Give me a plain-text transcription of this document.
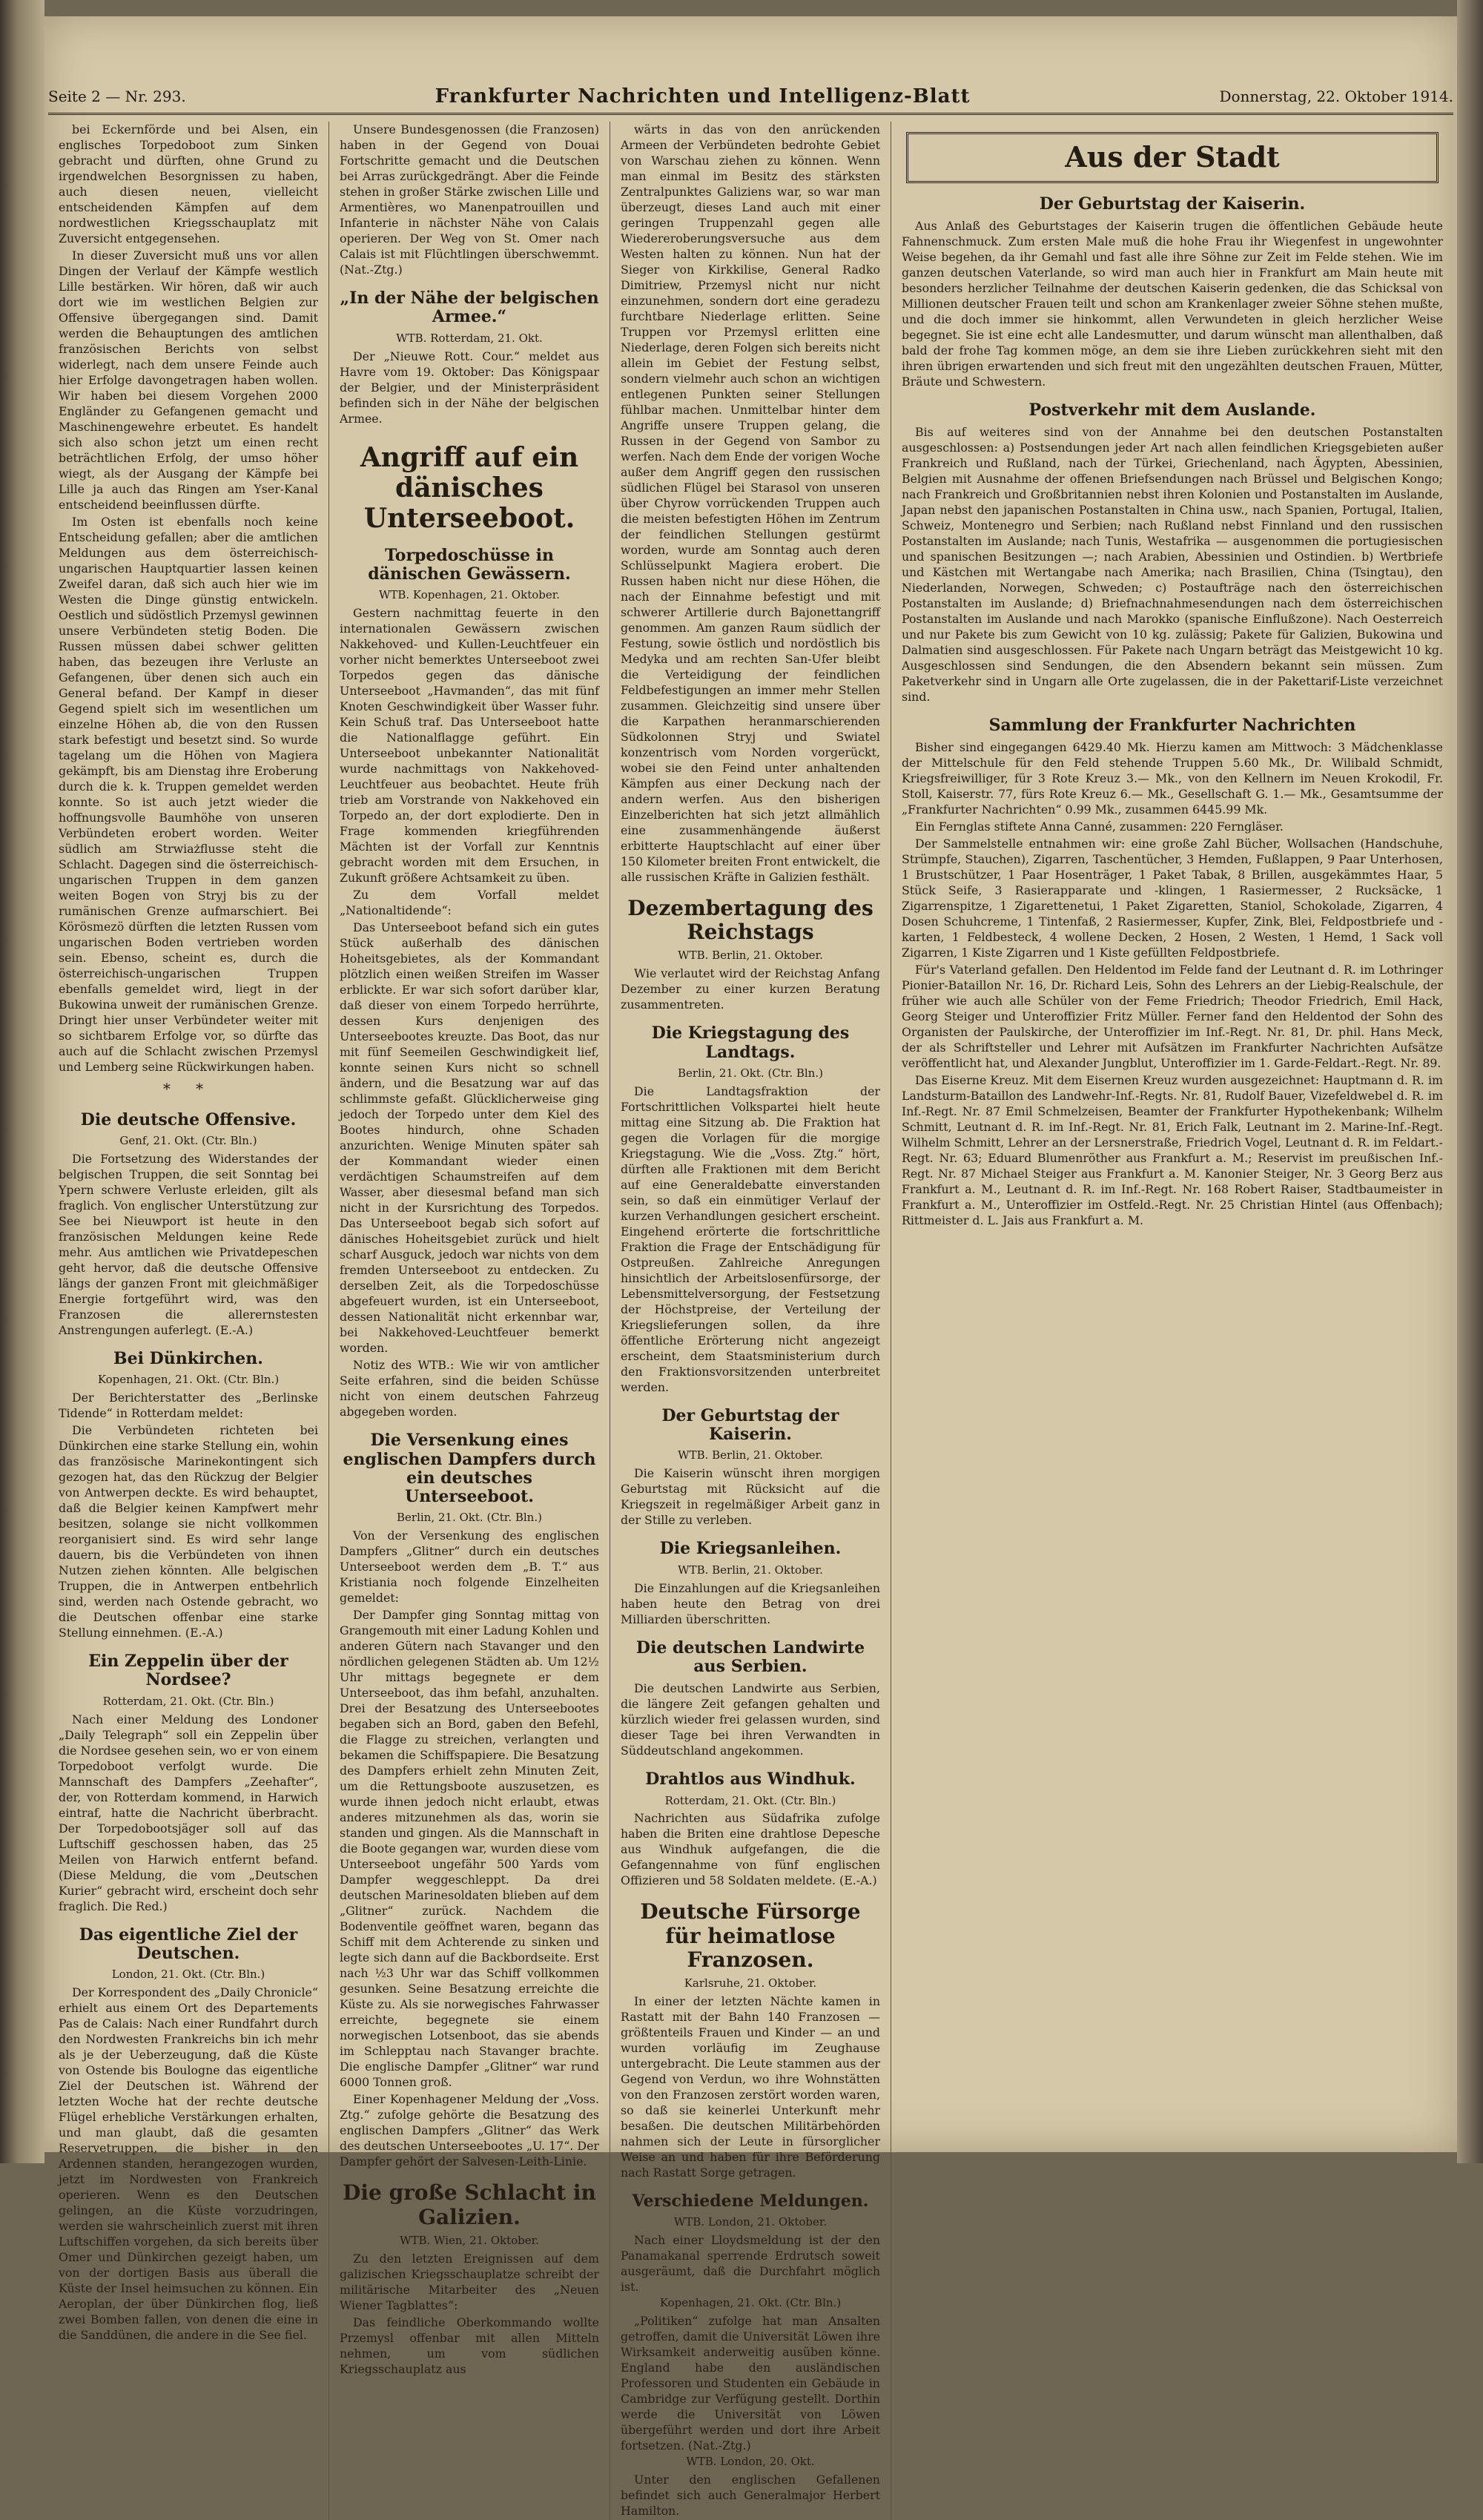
Seite 2 — Nr. 293.	Frankfurter Nachrichten und Intelligenz-Blatt	Donnerstag, 22. Oktober 1914.

bei Eckernförde und bei Alsen, ein englisches Torpedoboot zum Sinken gebracht und dürften, ohne Grund zu irgendwelchen Besorgnissen zu haben, auch diesen neuen, vielleicht entscheidenden Kämpfen auf dem nordwestlichen Kriegsschauplatz mit Zuversicht entgegensehen.

In dieser Zuversicht muß uns vor allen Dingen der Verlauf der Kämpfe westlich Lille bestärken. Wir hören, daß wir auch dort wie im westlichen Belgien zur Offensive übergegangen sind. Damit werden die Behauptungen des amtlichen französischen Berichts von selbst widerlegt, nach dem unsere Feinde auch hier Erfolge davongetragen haben wollen. Wir haben bei diesem Vorgehen 2000 Engländer zu Gefangenen gemacht und Maschinengewehre erbeutet. Es handelt sich also schon jetzt um einen recht beträchtlichen Erfolg, der umso höher wiegt, als der Ausgang der Kämpfe bei Lille ja auch das Ringen am Yser-Kanal entscheidend beeinflussen dürfte.

Im Osten ist ebenfalls noch keine Entscheidung gefallen; aber die amtlichen Meldungen aus dem österreichisch-ungarischen Hauptquartier lassen keinen Zweifel daran, daß sich auch hier wie im Westen die Dinge günstig entwickeln. Oestlich und südöstlich Przemysl gewinnen unsere Verbündeten stetig Boden. Die Russen müssen dabei schwer gelitten haben, das bezeugen ihre Verluste an Gefangenen, über denen sich auch ein General befand. Der Kampf in dieser Gegend spielt sich im wesentlichen um einzelne Höhen ab, die von den Russen stark befestigt und besetzt sind. So wurde tagelang um die Höhen von Magiera gekämpft, bis am Dienstag ihre Eroberung durch die k. k. Truppen gemeldet werden konnte. So ist auch jetzt wieder die hoffnungsvolle Baumhöhe von unseren Verbündeten erobert worden. Weiter südlich am Strwiażflusse steht die Schlacht. Dagegen sind die österreichisch-ungarischen Truppen in dem ganzen weiten Bogen von Stryj bis zu der rumänischen Grenze aufmarschiert. Bei Körösmezö dürften die letzten Russen vom ungarischen Boden vertrieben worden sein. Ebenso, scheint es, durch die österreichisch-ungarischen Truppen ebenfalls gemeldet wird, liegt in der Bukowina unweit der rumänischen Grenze. Dringt hier unser Verbündeter weiter mit so sichtbarem Erfolge vor, so dürfte das auch auf die Schlacht zwischen Przemysl und Lemberg seine Rückwirkungen haben.

* *
Die deutsche Offensive.
Genf, 21. Okt. (Ctr. Bln.)

Die Fortsetzung des Widerstandes der belgischen Truppen, die seit Sonntag bei Ypern schwere Verluste erleiden, gilt als fraglich. Von englischer Unterstützung zur See bei Nieuwport ist heute in den französischen Meldungen keine Rede mehr. Aus amtlichen wie Privatdepeschen geht hervor, daß die deutsche Offensive längs der ganzen Front mit gleichmäßiger Energie fortgeführt wird, was den Franzosen die allerernstesten Anstrengungen auferlegt. (E.-A.)

Bei Dünkirchen.
Kopenhagen, 21. Okt. (Ctr. Bln.)

Der Berichterstatter des „Berlinske Tidende“ in Rotterdam meldet:

Die Verbündeten richteten bei Dünkirchen eine starke Stellung ein, wohin das französische Marinekontingent sich gezogen hat, das den Rückzug der Belgier von Antwerpen deckte. Es wird behauptet, daß die Belgier keinen Kampfwert mehr besitzen, solange sie nicht vollkommen reorganisiert sind. Es wird sehr lange dauern, bis die Verbündeten von ihnen Nutzen ziehen könnten. Alle belgischen Truppen, die in Antwerpen entbehrlich sind, werden nach Ostende gebracht, wo die Deutschen offenbar eine starke Stellung einnehmen. (E.-A.)

Ein Zeppelin über der Nordsee?
Rotterdam, 21. Okt. (Ctr. Bln.)

Nach einer Meldung des Londoner „Daily Telegraph“ soll ein Zeppelin über die Nordsee gesehen sein, wo er von einem Torpedoboot verfolgt wurde. Die Mannschaft des Dampfers „Zeehafter“, der, von Rotterdam kommend, in Harwich eintraf, hatte die Nachricht überbracht. Der Torpedobootsjäger soll auf das Luftschiff geschossen haben, das 25 Meilen von Harwich entfernt befand. (Diese Meldung, die vom „Deutschen Kurier“ gebracht wird, erscheint doch sehr fraglich. Die Red.)

Das eigentliche Ziel der Deutschen.
London, 21. Okt. (Ctr. Bln.)

Der Korrespondent des „Daily Chronicle“ erhielt aus einem Ort des Departements Pas de Calais: Nach einer Rundfahrt durch den Nordwesten Frankreichs bin ich mehr als je der Ueberzeugung, daß die Küste von Ostende bis Boulogne das eigentliche Ziel der Deutschen ist. Während der letzten Woche hat der rechte deutsche Flügel erhebliche Verstärkungen erhalten, und man glaubt, daß die gesamten Reservetruppen, die bisher in den Ardennen standen, herangezogen wurden, jetzt im Nordwesten von Frankreich operieren. Wenn es den Deutschen gelingen, an die Küste vorzudringen, werden sie wahrscheinlich zuerst mit ihren Luftschiffen vorgehen, da sich bereits über Omer und Dünkirchen gezeigt haben, um von der dortigen Basis aus überall die Küste der Insel heimsuchen zu können. Ein Aeroplan, der über Dünkirchen flog, ließ zwei Bomben fallen, von denen die eine in die Sanddünen, die andere in die See fiel.

Unsere Bundesgenossen (die Franzosen) haben in der Gegend von Douai Fortschritte gemacht und die Deutschen bei Arras zurückgedrängt. Aber die Feinde stehen in großer Stärke zwischen Lille und Armentières, wo Manenpatrouillen und Infanterie in nächster Nähe von Calais operieren. Der Weg von St. Omer nach Calais ist mit Flüchtlingen überschwemmt. (Nat.-Ztg.)

„In der Nähe der belgischen Armee.“
WTB. Rotterdam, 21. Okt.

Der „Nieuwe Rott. Cour.“ meldet aus Havre vom 19. Oktober: Das Königspaar der Belgier, und der Ministerpräsident befinden sich in der Nähe der belgischen Armee.

Angriff auf ein dänisches Unterseeboot.
Torpedoschüsse in dänischen Gewässern.
WTB. Kopenhagen, 21. Oktober.

Gestern nachmittag feuerte in den internationalen Gewässern zwischen Nakkehoved- und Kullen-Leuchtfeuer ein vorher nicht bemerktes Unterseeboot zwei Torpedos gegen das dänische Unterseeboot „Havmanden“, das mit fünf Knoten Geschwindigkeit über Wasser fuhr. Kein Schuß traf. Das Unterseeboot hatte die Nationalflagge geführt. Ein Unterseeboot unbekannter Nationalität wurde nachmittags von Nakkehoved-Leuchtfeuer aus beobachtet. Heute früh trieb am Vorstrande von Nakkehoved ein Torpedo an, der dort explodierte. Den in Frage kommenden kriegführenden Mächten ist der Vorfall zur Kenntnis gebracht worden mit dem Ersuchen, in Zukunft größere Achtsamkeit zu üben.

Zu dem Vorfall meldet „Nationaltidende“:

Das Unterseeboot befand sich ein gutes Stück außerhalb des dänischen Hoheitsgebietes, als der Kommandant plötzlich einen weißen Streifen im Wasser erblickte. Er war sich sofort darüber klar, daß dieser von einem Torpedo herrührte, dessen Kurs denjenigen des Unterseebootes kreuzte. Das Boot, das nur mit fünf Seemeilen Geschwindigkeit lief, konnte seinen Kurs nicht so schnell ändern, und die Besatzung war auf das schlimmste gefaßt. Glücklicherweise ging jedoch der Torpedo unter dem Kiel des Bootes hindurch, ohne Schaden anzurichten. Wenige Minuten später sah der Kommandant wieder einen verdächtigen Schaumstreifen auf dem Wasser, aber diesesmal befand man sich nicht in der Kursrichtung des Torpedos. Das Unterseeboot begab sich sofort auf dänisches Hoheitsgebiet zurück und hielt scharf Ausguck, jedoch war nichts von dem fremden Unterseeboot zu entdecken. Zu derselben Zeit, als die Torpedoschüsse abgefeuert wurden, ist ein Unterseeboot, dessen Nationalität nicht erkennbar war, bei Nakkehoved-Leuchtfeuer bemerkt worden.

Notiz des WTB.: Wie wir von amtlicher Seite erfahren, sind die beiden Schüsse nicht von einem deutschen Fahrzeug abgegeben worden.

Die Versenkung eines englischen Dampfers durch ein deutsches Unterseeboot.
Berlin, 21. Okt. (Ctr. Bln.)

Von der Versenkung des englischen Dampfers „Glitner“ durch ein deutsches Unterseeboot werden dem „B. T.“ aus Kristiania noch folgende Einzelheiten gemeldet:

Der Dampfer ging Sonntag mittag von Grangemouth mit einer Ladung Kohlen und anderen Gütern nach Stavanger und den nördlichen gelegenen Städten ab. Um 12½ Uhr mittags begegnete er dem Unterseeboot, das ihm befahl, anzuhalten. Drei der Besatzung des Unterseebootes begaben sich an Bord, gaben den Befehl, die Flagge zu streichen, verlangten und bekamen die Schiffspapiere. Die Besatzung des Dampfers erhielt zehn Minuten Zeit, um die Rettungsboote auszusetzen, es wurde ihnen jedoch nicht erlaubt, etwas anderes mitzunehmen als das, worin sie standen und gingen. Als die Mannschaft in die Boote gegangen war, wurden diese vom Unterseeboot ungefähr 500 Yards vom Dampfer weggeschleppt. Da drei deutschen Marinesoldaten blieben auf dem „Glitner“ zurück. Nachdem die Bodenventile geöffnet waren, begann das Schiff mit dem Achterende zu sinken und legte sich dann auf die Backbordseite. Erst nach ½3 Uhr war das Schiff vollkommen gesunken. Seine Besatzung erreichte die Küste zu. Als sie norwegisches Fahrwasser erreichte, begegnete sie einem norwegischen Lotsenboot, das sie abends im Schlepptau nach Stavanger brachte. Die englische Dampfer „Glitner“ war rund 6000 Tonnen groß.

Einer Kopenhagener Meldung der „Voss. Ztg.“ zufolge gehörte die Besatzung des englischen Dampfers „Glitner“ das Werk des deutschen Unterseebootes „U. 17“. Der Dampfer gehört der Salvesen-Leith-Linie.

Die große Schlacht in Galizien.
WTB. Wien, 21. Oktober.

Zu den letzten Ereignissen auf dem galizischen Kriegsschauplatze schreibt der militärische Mitarbeiter des „Neuen Wiener Tagblattes“:

Das feindliche Oberkommando wollte Przemysl offenbar mit allen Mitteln nehmen, um vom südlichen Kriegsschauplatz aus

wärts in das von den anrückenden Armeen der Verbündeten bedrohte Gebiet von Warschau ziehen zu können. Wenn man einmal im Besitz des stärksten Zentralpunktes Galiziens war, so war man überzeugt, dieses Land auch mit einer geringen Truppenzahl gegen alle Wiedereroberungsversuche aus dem Westen halten zu können. Nun hat der Sieger von Kirkkilise, General Radko Dimitriew, Przemysl nicht nur nicht einzunehmen, sondern dort eine geradezu furchtbare Niederlage erlitten. Seine Truppen vor Przemysl erlitten eine Niederlage, deren Folgen sich bereits nicht allein im Gebiet der Festung selbst, sondern vielmehr auch schon an wichtigen entlegenen Punkten seiner Stellungen fühlbar machen. Unmittelbar hinter dem Angriffe unsere Truppen gelang, die Russen in der Gegend von Sambor zu werfen. Nach dem Ende der vorigen Woche außer dem Angriff gegen den russischen südlichen Flügel bei Starasol von unseren über Chyrow vorrückenden Truppen auch die meisten befestigten Höhen im Zentrum der feindlichen Stellungen gestürmt worden, wurde am Sonntag auch deren Schlüsselpunkt Magiera erobert. Die Russen haben nicht nur diese Höhen, die nach der Einnahme befestigt und mit schwerer Artillerie durch Bajonettangriff genommen. Am ganzen Raum südlich der Festung, sowie östlich und nordöstlich bis Medyka und am rechten San-Ufer bleibt die Verteidigung der feindlichen Feldbefestigungen an immer mehr Stellen zusammen. Gleichzeitig sind unsere über die Karpathen heranmarschierenden Südkolonnen Stryj und Swiatel konzentrisch vom Norden vorgerückt, wobei sie den Feind unter anhaltenden Kämpfen aus einer Deckung nach der andern werfen. Aus den bisherigen Einzelberichten hat sich jetzt allmählich eine zusammenhängende äußerst erbitterte Hauptschlacht auf einer über 150 Kilometer breiten Front entwickelt, die alle russischen Kräfte in Galizien festhält.

Dezembertagung des Reichstags
WTB. Berlin, 21. Oktober.

Wie verlautet wird der Reichstag Anfang Dezember zu einer kurzen Beratung zusammentreten.

Die Kriegstagung des Landtags.
Berlin, 21. Okt. (Ctr. Bln.)

Die Landtagsfraktion der Fortschrittlichen Volkspartei hielt heute mittag eine Sitzung ab. Die Fraktion hat gegen die Vorlagen für die morgige Kriegstagung. Wie die „Voss. Ztg.“ hört, dürften alle Fraktionen mit dem Bericht auf eine Generaldebatte einverstanden sein, so daß ein einmütiger Verlauf der kurzen Verhandlungen gesichert erscheint. Eingehend erörterte die fortschrittliche Fraktion die Frage der Entschädigung für Ostpreußen. Zahlreiche Anregungen hinsichtlich der Arbeitslosenfürsorge, der Lebensmittelversorgung, der Festsetzung der Höchstpreise, der Verteilung der Kriegslieferungen sollen, da ihre öffentliche Erörterung nicht angezeigt erscheint, dem Staatsministerium durch den Fraktionsvorsitzenden unterbreitet werden.

Der Geburtstag der Kaiserin.
WTB. Berlin, 21. Oktober.

Die Kaiserin wünscht ihren morgigen Geburtstag mit Rücksicht auf die Kriegszeit in regelmäßiger Arbeit ganz in der Stille zu verleben.

Die Kriegsanleihen.
WTB. Berlin, 21. Oktober.

Die Einzahlungen auf die Kriegsanleihen haben heute den Betrag von drei Milliarden überschritten.

Die deutschen Landwirte aus Serbien.

Die deutschen Landwirte aus Serbien, die längere Zeit gefangen gehalten und kürzlich wieder frei gelassen wurden, sind dieser Tage bei ihren Verwandten in Süddeutschland angekommen.

Drahtlos aus Windhuk.
Rotterdam, 21. Okt. (Ctr. Bln.)

Nachrichten aus Südafrika zufolge haben die Briten eine drahtlose Depesche aus Windhuk aufgefangen, die die Gefangennahme von fünf englischen Offizieren und 58 Soldaten meldete. (E.-A.)

Deutsche Fürsorge für heimatlose Franzosen.
Karlsruhe, 21. Oktober.

In einer der letzten Nächte kamen in Rastatt mit der Bahn 140 Franzosen — größtenteils Frauen und Kinder — an und wurden vorläufig im Zeughause untergebracht. Die Leute stammen aus der Gegend von Verdun, wo ihre Wohnstätten von den Franzosen zerstört worden waren, so daß sie keinerlei Unterkunft mehr besaßen. Die deutschen Militärbehörden nahmen sich der Leute in fürsorglicher Weise an und haben für ihre Beförderung nach Rastatt Sorge getragen.

Verschiedene Meldungen.
WTB. London, 21. Oktober.

Nach einer Lloydsmeldung ist der den Panamakanal sperrende Erdrutsch soweit ausgeräumt, daß die Durchfahrt möglich ist.

Kopenhagen, 21. Okt. (Ctr. Bln.)

„Politiken“ zufolge hat man Ansalten getroffen, damit die Universität Löwen ihre Wirksamkeit anderweitig ausüben könne. England habe den ausländischen Professoren und Studenten ein Gebäude in Cambridge zur Verfügung gestellt. Dorthin werde die Universität von Löwen übergeführt werden und dort ihre Arbeit fortsetzen. (Nat.-Ztg.)

WTB. London, 20. Okt.

Unter den englischen Gefallenen befindet sich auch Generalmajor Herbert Hamilton.

Aus der Stadt
Der Geburtstag der Kaiserin.

Aus Anlaß des Geburtstages der Kaiserin trugen die öffentlichen Gebäude heute Fahnenschmuck. Zum ersten Male muß die hohe Frau ihr Wiegenfest in ungewohnter Weise begehen, da ihr Gemahl und fast alle ihre Söhne zur Zeit im Felde stehen. Wie im ganzen deutschen Vaterlande, so wird man auch hier in Frankfurt am Main heute mit besonders herzlicher Teilnahme der deutschen Kaiserin gedenken, die das Schicksal von Millionen deutscher Frauen teilt und schon am Krankenlager zweier Söhne stehen mußte, und die doch immer sie hinkommt, allen Verwundeten in gleich herzlicher Weise begegnet. Sie ist eine echt alle Landesmutter, und darum wünscht man allenthalben, daß bald der frohe Tag kommen möge, an dem sie ihre Lieben zurückkehren sieht mit den ihren übrigen erwartenden und sich freut mit den ungezählten deutschen Frauen, Mütter, Bräute und Schwestern.

Postverkehr mit dem Auslande.

Bis auf weiteres sind von der Annahme bei den deutschen Postanstalten ausgeschlossen: a) Postsendungen jeder Art nach allen feindlichen Kriegsgebieten außer Frankreich und Rußland, nach der Türkei, Griechenland, nach Ägypten, Abessinien, Belgien mit Ausnahme der offenen Briefsendungen nach Brüssel und Belgischen Kongo; nach Frankreich und Großbritannien nebst ihren Kolonien und Postanstalten im Auslande, Japan nebst den japanischen Postanstalten in China usw., nach Spanien, Portugal, Italien, Schweiz, Montenegro und Serbien; nach Rußland nebst Finnland und den russischen Postanstalten im Auslande; nach Tunis, Westafrika — ausgenommen die portugiesischen und spanischen Besitzungen —; nach Arabien, Abessinien und Ostindien. b) Wertbriefe und Kästchen mit Wertangabe nach Amerika; nach Brasilien, China (Tsingtau), den Niederlanden, Norwegen, Schweden; c) Postaufträge nach den österreichischen Postanstalten im Auslande; d) Briefnachnahmesendungen nach dem österreichischen Postanstalten im Auslande und nach Marokko (spanische Einflußzone). Nach Oesterreich und nur Pakete bis zum Gewicht von 10 kg. zulässig; Pakete für Galizien, Bukowina und Dalmatien sind ausgeschlossen. Für Pakete nach Ungarn beträgt das Meistgewicht 10 kg. Ausgeschlossen sind Sendungen, die den Absendern bekannt sein müssen. Zum Paketverkehr sind in Ungarn alle Orte zugelassen, die in der Pakettarif-Liste verzeichnet sind.

Sammlung der Frankfurter Nachrichten

Bisher sind eingegangen 6429.40 Mk. Hierzu kamen am Mittwoch: 3 Mädchenklasse der Mittelschule für den Feld stehende Truppen 5.60 Mk., Dr. Wilibald Schmidt, Kriegsfreiwilliger, für 3 Rote Kreuz 3.— Mk., von den Kellnern im Neuen Krokodil, Fr. Stoll, Kaiserstr. 77, fürs Rote Kreuz 6.— Mk., Gesellschaft G. 1.— Mk., Gesamtsumme der „Frankfurter Nachrichten“ 0.99 Mk., zusammen 6445.99 Mk.

Ein Fernglas stiftete Anna Canné, zusammen: 220 Ferngläser.

Der Sammelstelle entnahmen wir: eine große Zahl Bücher, Wollsachen (Handschuhe, Strümpfe, Stauchen), Zigarren, Taschentücher, 3 Hemden, Fußlappen, 9 Paar Unterhosen, 1 Brustschützer, 1 Paar Hosenträger, 1 Paket Tabak, 8 Brillen, ausgekämmtes Haar, 5 Stück Seife, 3 Rasierapparate und -klingen, 1 Rasiermesser, 2 Rucksäcke, 1 Zigarrenspitze, 1 Zigarettenetui, 1 Paket Zigaretten, Staniol, Schokolade, Zigarren, 4 Dosen Schuhcreme, 1 Tintenfaß, 2 Rasiermesser, Kupfer, Zink, Blei, Feldpostbriefe und -karten, 1 Feldbesteck, 4 wollene Decken, 2 Hosen, 2 Westen, 1 Hemd, 1 Sack voll Zigarren, 1 Kiste Zigarren und 1 Kiste gefüllten Feldpostbriefe.

Für's Vaterland gefallen. Den Heldentod im Felde fand der Leutnant d. R. im Lothringer Pionier-Bataillon Nr. 16, Dr. Richard Leis, Sohn des Lehrers an der Liebig-Realschule, der früher wie auch alle Schüler von der Feme Friedrich; Theodor Friedrich, Emil Hack, Georg Steiger und Unteroffizier Fritz Müller. Ferner fand den Heldentod der Sohn des Organisten der Paulskirche, der Unteroffizier im Inf.-Regt. Nr. 81, Dr. phil. Hans Meck, der als Schriftsteller und Lehrer mit Aufsätzen im Frankfurter Nachrichten Aufsätze veröffentlicht hat, und Alexander Jungblut, Unteroffizier im 1. Garde-Feldart.-Regt. Nr. 89.

Das Eiserne Kreuz. Mit dem Eisernen Kreuz wurden ausgezeichnet: Hauptmann d. R. im Landsturm-Bataillon des Landwehr-Inf.-Regts. Nr. 81, Rudolf Bauer, Vizefeldwebel d. R. im Inf.-Regt. Nr. 87 Emil Schmelzeisen, Beamter der Frankfurter Hypothekenbank; Wilhelm Schmitt, Leutnant d. R. im Inf.-Regt. Nr. 81, Erich Falk, Leutnant im 2. Marine-Inf.-Regt. Wilhelm Schmitt, Lehrer an der Lersnerstraße, Friedrich Vogel, Leutnant d. R. im Feldart.-Regt. Nr. 63; Eduard Blumenröther aus Frankfurt a. M.; Reservist im preußischen Inf.-Regt. Nr. 87 Michael Steiger aus Frankfurt a. M. Kanonier Steiger, Nr. 3 Georg Berz aus Frankfurt a. M., Leutnant d. R. im Inf.-Regt. Nr. 168 Robert Raiser, Stadtbaumeister in Frankfurt a. M., Unteroffizier im Ostfeld.-Regt. Nr. 25 Christian Hintel (aus Offenbach); Rittmeister d. L. Jais aus Frankfurt a. M.
